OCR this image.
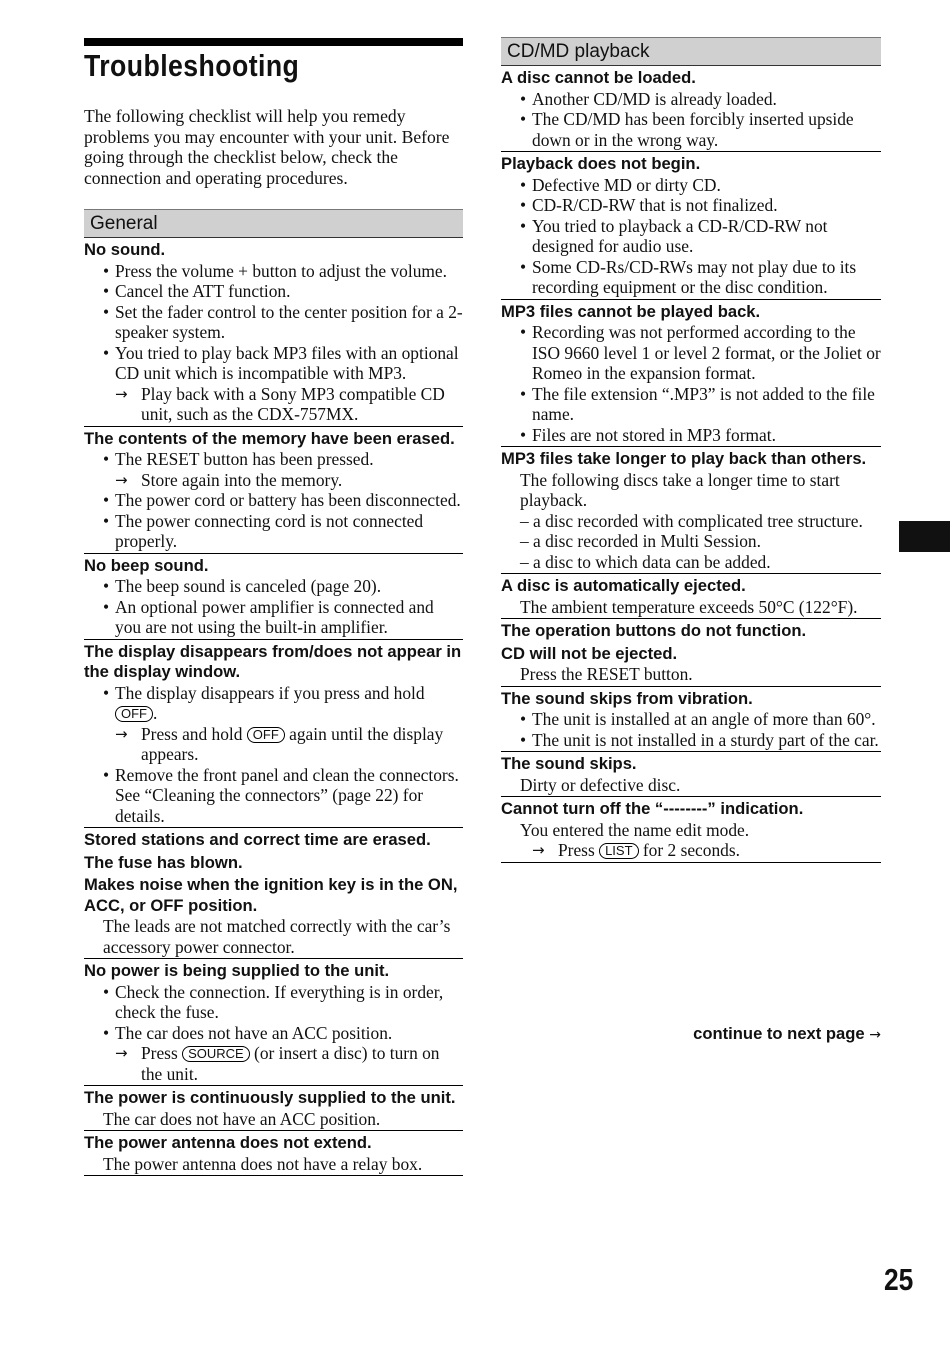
Troubleshooting
The following checklist will help you remedy problems you may encounter with your unit. Before going through the checklist below, check the connection and operating procedures.
General
No sound.
• Press the volume + button to adjust the volume.
• Cancel the ATT function.
• Set the fader control to the center position for a 2-speaker system.
• You tried to play back MP3 files with an optional CD unit which is incompatible with MP3.
→ Play back with a Sony MP3 compatible CD unit, such as the CDX-757MX.
The contents of the memory have been erased.
• The RESET button has been pressed.
→ Store again into the memory.
• The power cord or battery has been disconnected.
• The power connecting cord is not connected properly.
No beep sound.
• The beep sound is canceled (page 20).
• An optional power amplifier is connected and you are not using the built-in amplifier.
The display disappears from/does not appear in the display window.
• The display disappears if you press and hold OFF .
→ Press and hold OFF again until the display appears.
• Remove the front panel and clean the connectors. See “Cleaning the connectors” (page 22) for details.
Stored stations and correct time are erased.
The fuse has blown.
Makes noise when the ignition key is in the ON, ACC, or OFF position.
The leads are not matched correctly with the car’s accessory power connector.
No power is being supplied to the unit.
• Check the connection. If everything is in order, check the fuse.
• The car does not have an ACC position.
→ Press SOURCE (or insert a disc) to turn on the unit.
The power is continuously supplied to the unit.
The car does not have an ACC position.
The power antenna does not extend.
The power antenna does not have a relay box.
CD/MD playback
A disc cannot be loaded.
• Another CD/MD is already loaded.
• The CD/MD has been forcibly inserted upside down or in the wrong way.
Playback does not begin.
• Defective MD or dirty CD.
• CD-R/CD-RW that is not finalized.
• You tried to playback a CD-R/CD-RW not designed for audio use.
• Some CD-Rs/CD-RWs may not play due to its recording equipment or the disc condition.
MP3 files cannot be played back.
• Recording was not performed according to the ISO 9660 level 1 or level 2 format, or the Joliet or Romeo in the expansion format.
• The file extension “.MP3” is not added to the file name.
• Files are not stored in MP3 format.
MP3 files take longer to play back than others.
The following discs take a longer time to start playback.
– a disc recorded with complicated tree structure.
– a disc recorded in Multi Session.
– a disc to which data can be added.
A disc is automatically ejected.
The ambient temperature exceeds 50°C (122°F).
The operation buttons do not function.
CD will not be ejected.
Press the RESET button.
The sound skips from vibration.
• The unit is installed at an angle of more than 60°.
• The unit is not installed in a sturdy part of the car.
The sound skips.
Dirty or defective disc.
Cannot turn off the “--------” indication.
You entered the name edit mode.
→ Press LIST for 2 seconds.
continue to next page →
25
